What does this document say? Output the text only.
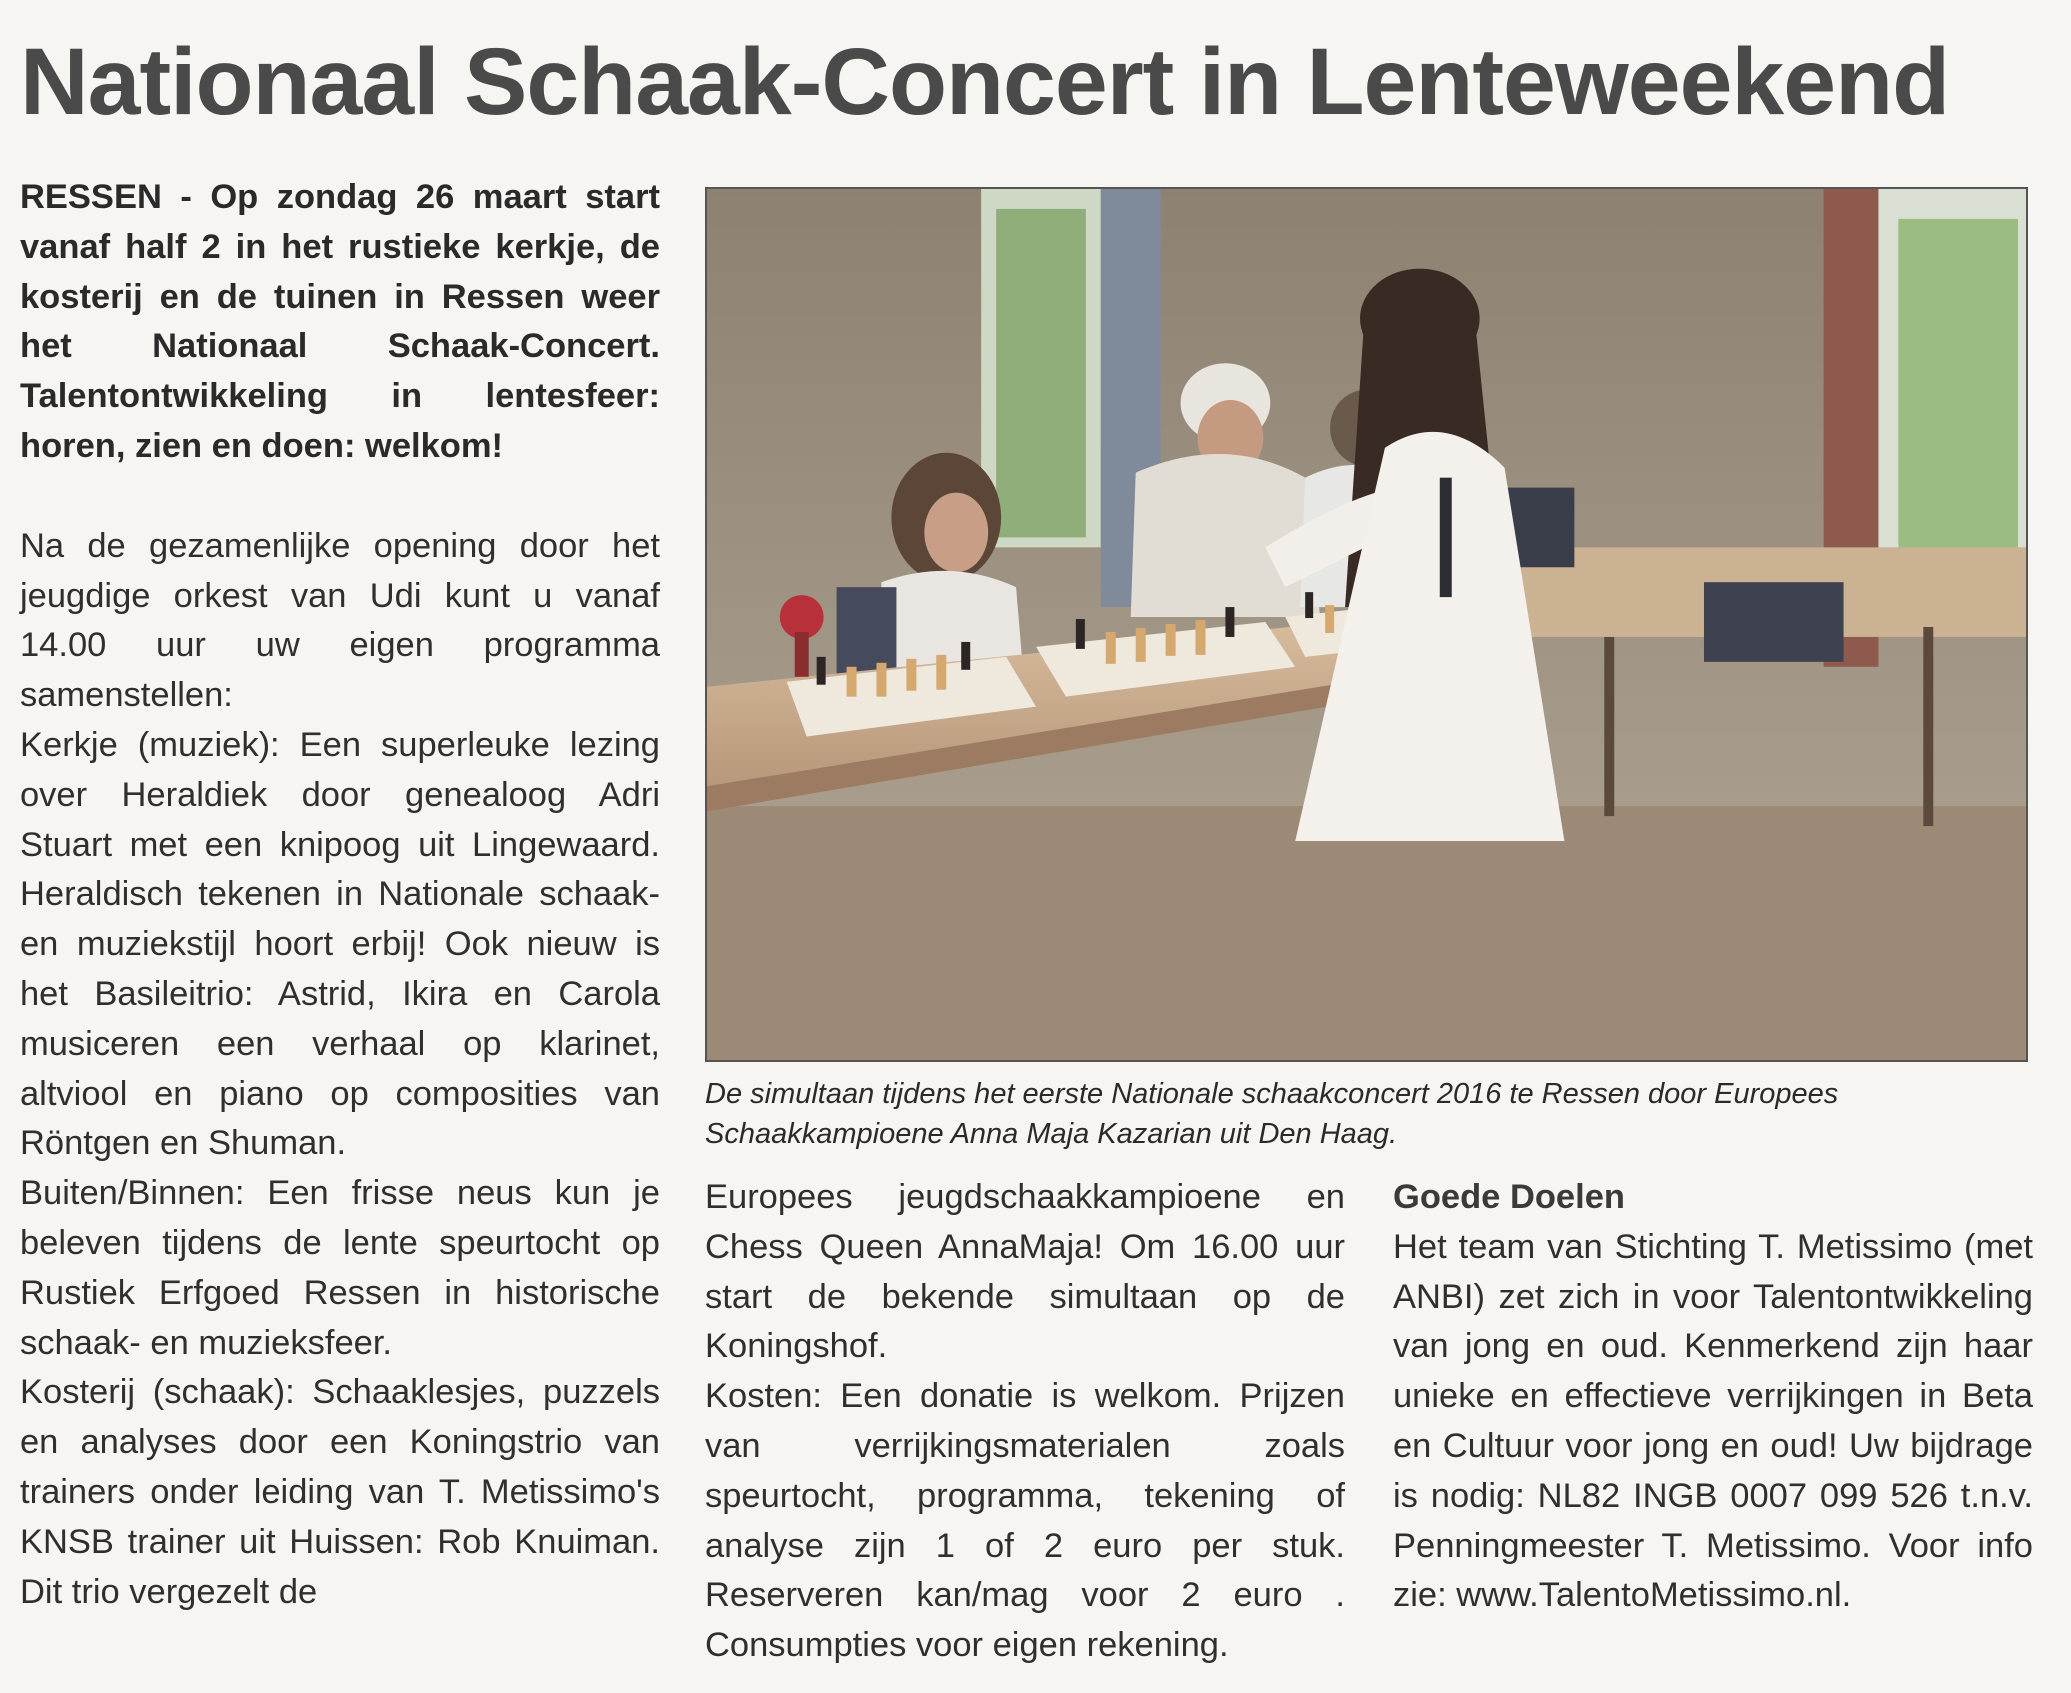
Nationaal Schaak-Concert in Lenteweekend

RESSEN - Op zondag 26 maart start vanaf half 2 in het rustieke kerkje, de kosterij en de tuinen in Ressen weer het Nationaal Schaak-Concert. Talentontwikkeling in lentesfeer: horen, zien en doen: welkom!

Na de gezamenlijke opening door het jeugdige orkest van Udi kunt u vanaf 14.00 uur uw eigen programma samenstellen:

Kerkje (muziek): Een superleuke lezing over Heraldiek door genealoog Adri Stuart met een knipoog uit Lingewaard. Heraldisch tekenen in Nationale schaak- en muziekstijl hoort erbij! Ook nieuw is het Basileitrio: Astrid, Ikira en Carola musiceren een verhaal op klarinet, altviool en piano op composities van Röntgen en Shuman.

Buiten/Binnen: Een frisse neus kun je beleven tijdens de lente speurtocht op Rustiek Erfgoed Ressen in historische schaak- en muzieksfeer.

Kosterij (schaak): Schaaklesjes, puzzels en analyses door een Koningstrio van trainers onder leiding van T. Metissimo's KNSB trainer uit Huissen: Rob Knuiman. Dit trio vergezelt de

De simultaan tijdens het eerste Nationale schaakconcert 2016 te Ressen door Europees Schaakkampioene Anna Maja Kazarian uit Den Haag.

Europees jeugdschaakkampioene en Chess Queen AnnaMaja! Om 16.00 uur start de bekende simultaan op de Koningshof.

Kosten: Een donatie is welkom. Prijzen van verrijkingsmaterialen zoals speurtocht, programma, tekening of analyse zijn 1 of 2 euro per stuk. Reserveren kan/mag voor 2 euro . Consumpties voor eigen rekening.

Goede Doelen

Het team van Stichting T. Metissimo (met ANBI) zet zich in voor Talentontwikkeling van jong en oud. Kenmerkend zijn haar unieke en effectieve verrijkingen in Beta en Cultuur voor jong en oud! Uw bijdrage is nodig: NL82 INGB 0007 099 526 t.n.v. Penningmeester T. Metissimo. Voor info zie: www.TalentoMetissimo.nl.
